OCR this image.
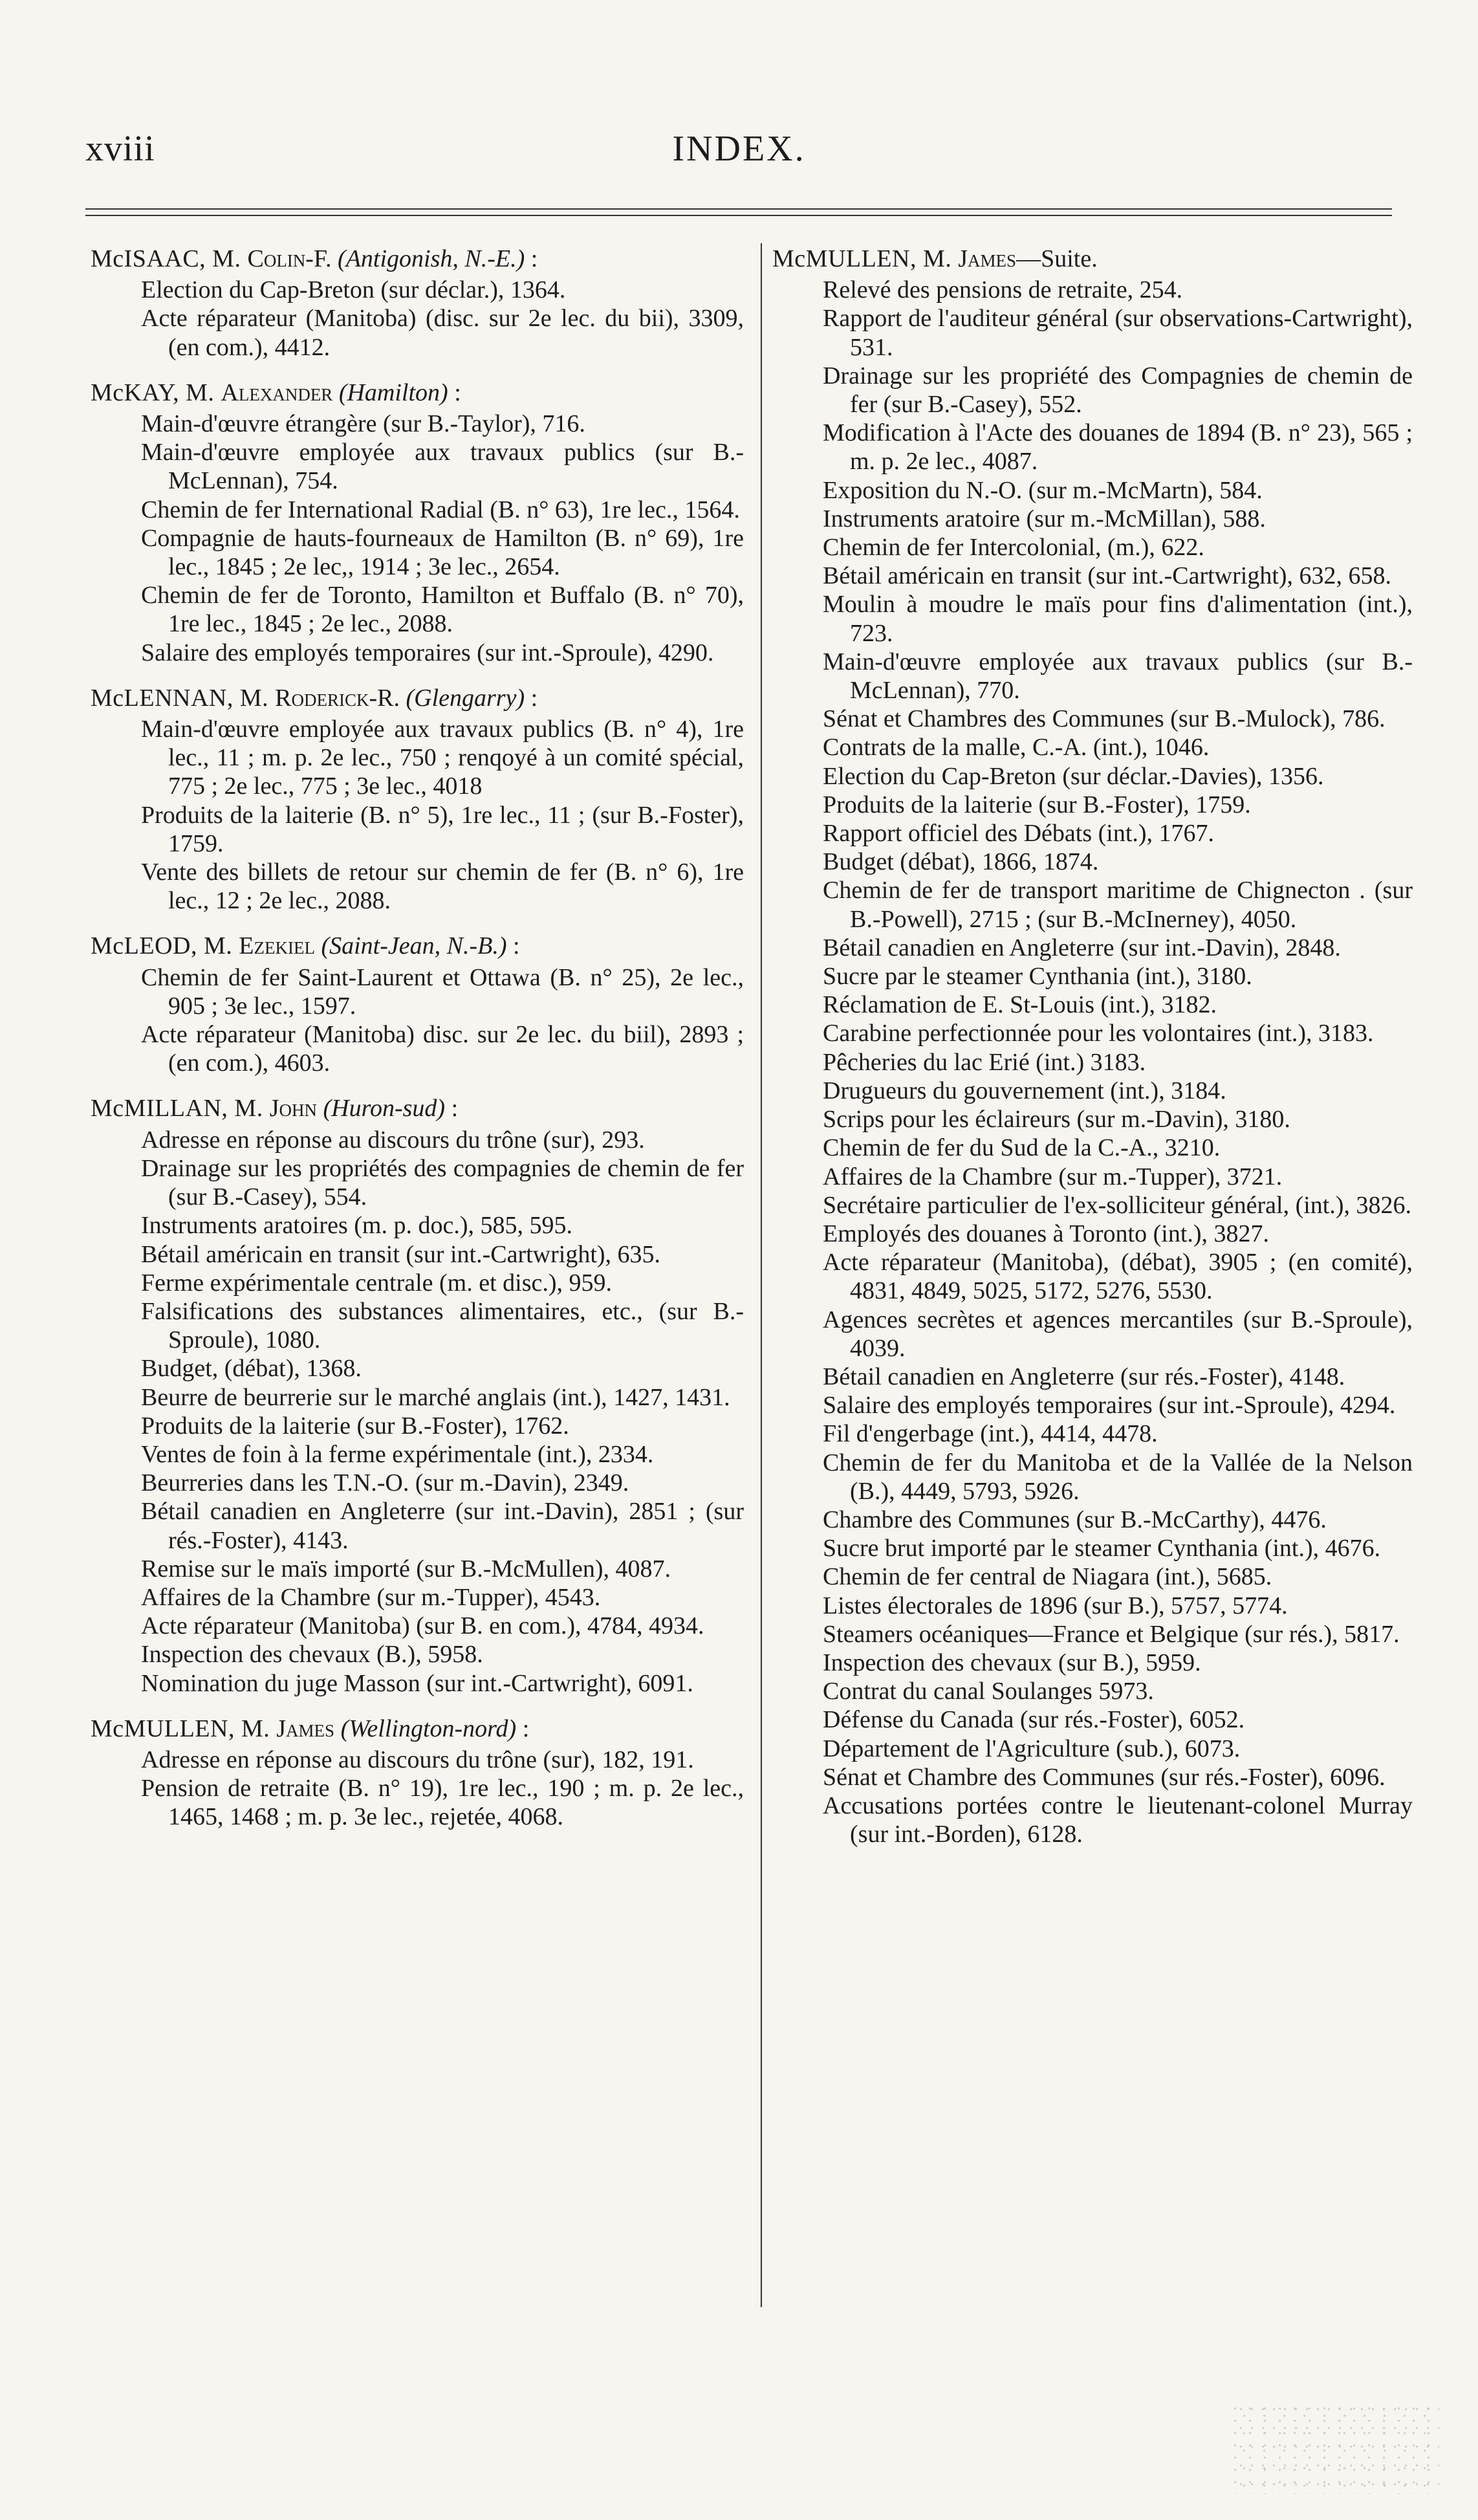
xviii	INDEX.
McISAAC, M. Colin-F. (Antigonish, N.-E.) :
Election du Cap-Breton (sur déclar.), 1364.
Acte réparateur (Manitoba) (disc. sur 2e lec. du bii), 3309, (en com.), 4412.
McKAY, M. Alexander (Hamilton) :
Main-d'œuvre étrangère (sur B.-Taylor), 716.
Main-d'œuvre employée aux travaux publics (sur B.-McLennan), 754.
Chemin de fer International Radial (B. n° 63), 1re lec., 1564.
Compagnie de hauts-fourneaux de Hamilton (B. n° 69), 1re lec., 1845 ; 2e lec,, 1914 ; 3e lec., 2654.
Chemin de fer de Toronto, Hamilton et Buffalo (B. n° 70), 1re lec., 1845 ; 2e lec., 2088.
Salaire des employés temporaires (sur int.-Sproule), 4290.
McLENNAN, M. Roderick-R. (Glengarry) :
Main-d'œuvre employée aux travaux publics (B. n° 4), 1re lec., 11 ; m. p. 2e lec., 750 ; renqoyé à un comité spécial, 775 ; 2e lec., 775 ; 3e lec., 4018
Produits de la laiterie (B. n° 5), 1re lec., 11 ; (sur B.-Foster), 1759.
Vente des billets de retour sur chemin de fer (B. n° 6), 1re lec., 12 ; 2e lec., 2088.
McLEOD, M. Ezekiel (Saint-Jean, N.-B.) :
Chemin de fer Saint-Laurent et Ottawa (B. n° 25), 2e lec., 905 ; 3e lec., 1597.
Acte réparateur (Manitoba) disc. sur 2e lec. du biil), 2893 ; (en com.), 4603.
McMILLAN, M. John (Huron-sud) :
Adresse en réponse au discours du trône (sur), 293.
Drainage sur les propriétés des compagnies de chemin de fer (sur B.-Casey), 554.
Instruments aratoires (m. p. doc.), 585, 595.
Bétail américain en transit (sur int.-Cartwright), 635.
Ferme expérimentale centrale (m. et disc.), 959.
Falsifications des substances alimentaires, etc., (sur B.-Sproule), 1080.
Budget, (débat), 1368.
Beurre de beurrerie sur le marché anglais (int.), 1427, 1431.
Produits de la laiterie (sur B.-Foster), 1762.
Ventes de foin à la ferme expérimentale (int.), 2334.
Beurreries dans les T.N.-O. (sur m.-Davin), 2349.
Bétail canadien en Angleterre (sur int.-Davin), 2851 ; (sur rés.-Foster), 4143.
Remise sur le maïs importé (sur B.-McMullen), 4087.
Affaires de la Chambre (sur m.-Tupper), 4543.
Acte réparateur (Manitoba) (sur B. en com.), 4784, 4934.
Inspection des chevaux (B.), 5958.
Nomination du juge Masson (sur int.-Cartwright), 6091.
McMULLEN, M. James (Wellington-nord) :
Adresse en réponse au discours du trône (sur), 182, 191.
Pension de retraite (B. n° 19), 1re lec., 190 ; m. p. 2e lec., 1465, 1468 ; m. p. 3e lec., rejetée, 4068.
McMULLEN, M. James—Suite.
Relevé des pensions de retraite, 254.
Rapport de l'auditeur général (sur observations-Cartwright), 531.
Drainage sur les propriété des Compagnies de chemin de fer (sur B.-Casey), 552.
Modification à l'Acte des douanes de 1894 (B. n° 23), 565 ; m. p. 2e lec., 4087.
Exposition du N.-O. (sur m.-McMartn), 584.
Instruments aratoire (sur m.-McMillan), 588.
Chemin de fer Intercolonial, (m.), 622.
Bétail américain en transit (sur int.-Cartwright), 632, 658.
Moulin à moudre le maïs pour fins d'alimentation (int.), 723.
Main-d'œuvre employée aux travaux publics (sur B.-McLennan), 770.
Sénat et Chambres des Communes (sur B.-Mulock), 786.
Contrats de la malle, C.-A. (int.), 1046.
Election du Cap-Breton (sur déclar.-Davies), 1356.
Produits de la laiterie (sur B.-Foster), 1759.
Rapport officiel des Débats (int.), 1767.
Budget (débat), 1866, 1874.
Chemin de fer de transport maritime de Chignecton . (sur B.-Powell), 2715 ; (sur B.-McInerney), 4050.
Bétail canadien en Angleterre (sur int.-Davin), 2848.
Sucre par le steamer Cynthania (int.), 3180.
Réclamation de E. St-Louis (int.), 3182.
Carabine perfectionnée pour les volontaires (int.), 3183.
Pêcheries du lac Erié (int.) 3183.
Drugueurs du gouvernement (int.), 3184.
Scrips pour les éclaireurs (sur m.-Davin), 3180.
Chemin de fer du Sud de la C.-A., 3210.
Affaires de la Chambre (sur m.-Tupper), 3721.
Secrétaire particulier de l'ex-solliciteur général, (int.), 3826.
Employés des douanes à Toronto (int.), 3827.
Acte réparateur (Manitoba), (débat), 3905 ; (en comité), 4831, 4849, 5025, 5172, 5276, 5530.
Agences secrètes et agences mercantiles (sur B.-Sproule), 4039.
Bétail canadien en Angleterre (sur rés.-Foster), 4148.
Salaire des employés temporaires (sur int.-Sproule), 4294.
Fil d'engerbage (int.), 4414, 4478.
Chemin de fer du Manitoba et de la Vallée de la Nelson (B.), 4449, 5793, 5926.
Chambre des Communes (sur B.-McCarthy), 4476.
Sucre brut importé par le steamer Cynthania (int.), 4676.
Chemin de fer central de Niagara (int.), 5685.
Listes électorales de 1896 (sur B.), 5757, 5774.
Steamers océaniques—France et Belgique (sur rés.), 5817.
Inspection des chevaux (sur B.), 5959.
Contrat du canal Soulanges 5973.
Défense du Canada (sur rés.-Foster), 6052.
Département de l'Agriculture (sub.), 6073.
Sénat et Chambre des Communes (sur rés.-Foster), 6096.
Accusations portées contre le lieutenant-colonel Murray (sur int.-Borden), 6128.
